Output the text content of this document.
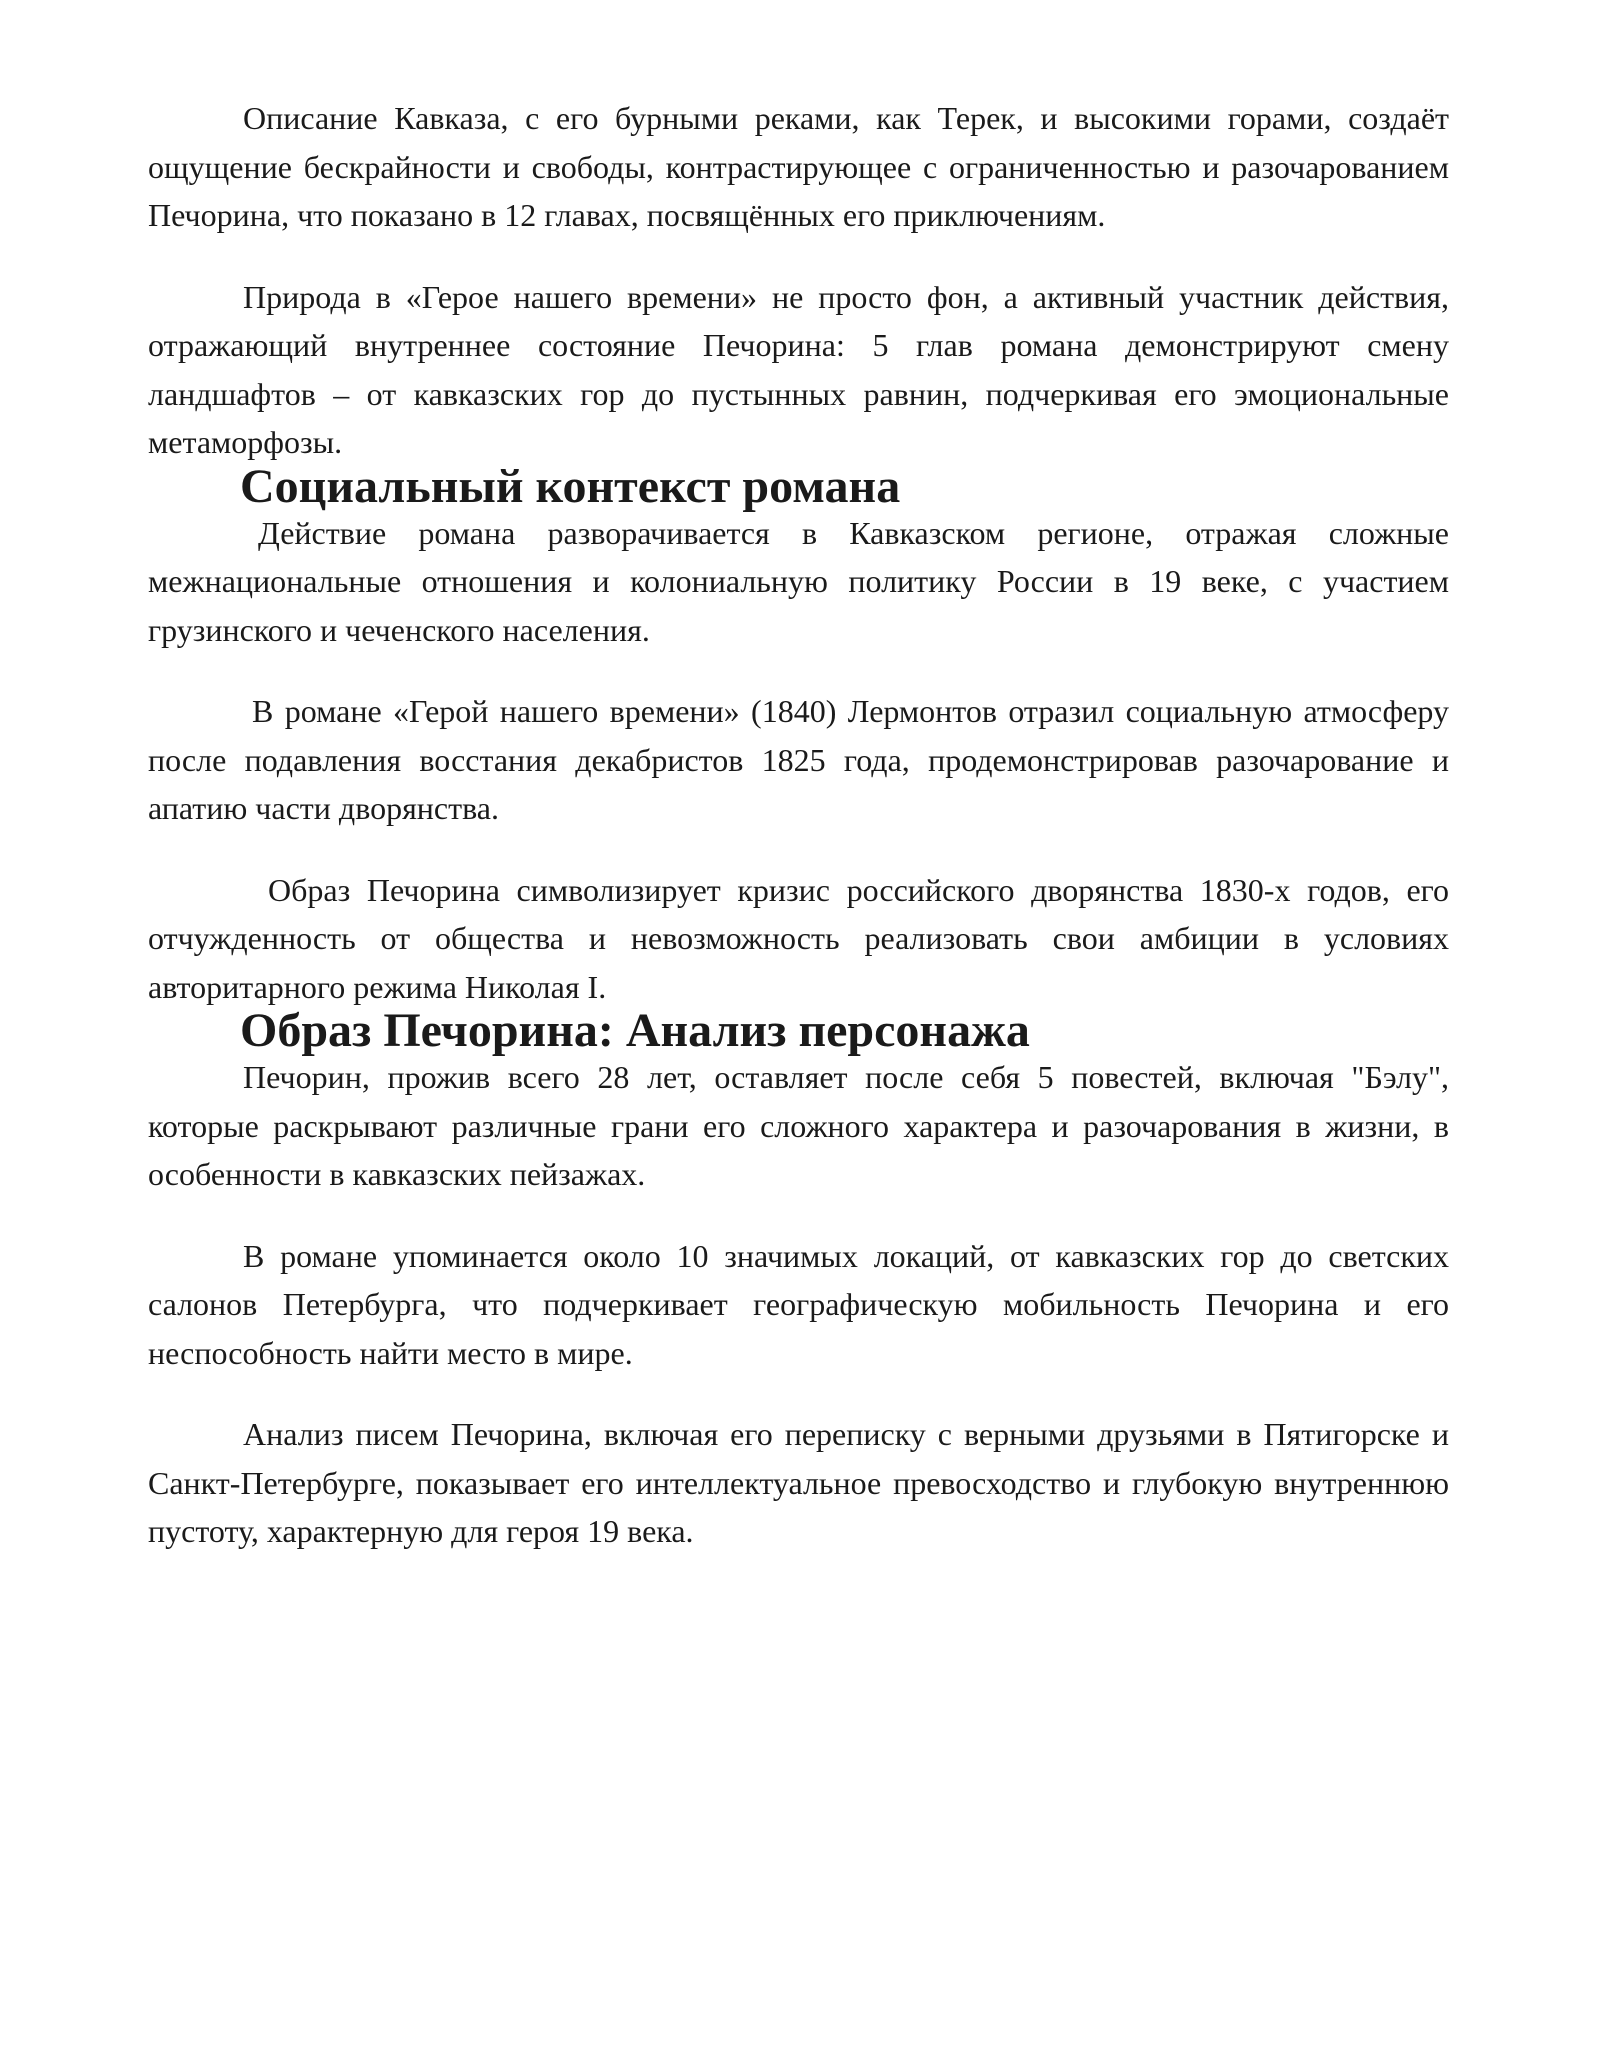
Описание Кавказа, с его бурными реками, как Терек, и высокими горами, создаёт ощущение бескрайности и свободы, контрастирующее с ограниченностью и разочарованием Печорина, что показано в 12 главах, посвящённых его приключениям.

Природа в «Герое нашего времени» не просто фон, а активный участник действия, отражающий внутреннее состояние Печорина: 5 глав романа демонстрируют смену ландшафтов – от кавказских гор до пустынных равнин, подчеркивая его эмоциональные метаморфозы.

Социальный контекст романа

Действие романа разворачивается в Кавказском регионе, отражая сложные межнациональные отношения и колониальную политику России в 19 веке, с участием грузинского и чеченского населения.

В романе «Герой нашего времени» (1840) Лермонтов отразил социальную атмосферу после подавления восстания декабристов 1825 года, продемонстрировав разочарование и апатию части дворянства.

Образ Печорина символизирует кризис российского дворянства 1830-х годов, его отчужденность от общества и невозможность реализовать свои амбиции в условиях авторитарного режима Николая I.

Образ Печорина: Анализ персонажа

Печорин, прожив всего 28 лет, оставляет после себя 5 повестей, включая "Бэлу", которые раскрывают различные грани его сложного характера и разочарования в жизни, в особенности в кавказских пейзажах.

В романе упоминается около 10 значимых локаций, от кавказских гор до светских салонов Петербурга, что подчеркивает географическую мобильность Печорина и его неспособность найти место в мире.

Анализ писем Печорина, включая его переписку с верными друзьями в Пятигорске и Санкт-Петербурге, показывает его интеллектуальное превосходство и глубокую внутреннюю пустоту, характерную для героя 19 века.
